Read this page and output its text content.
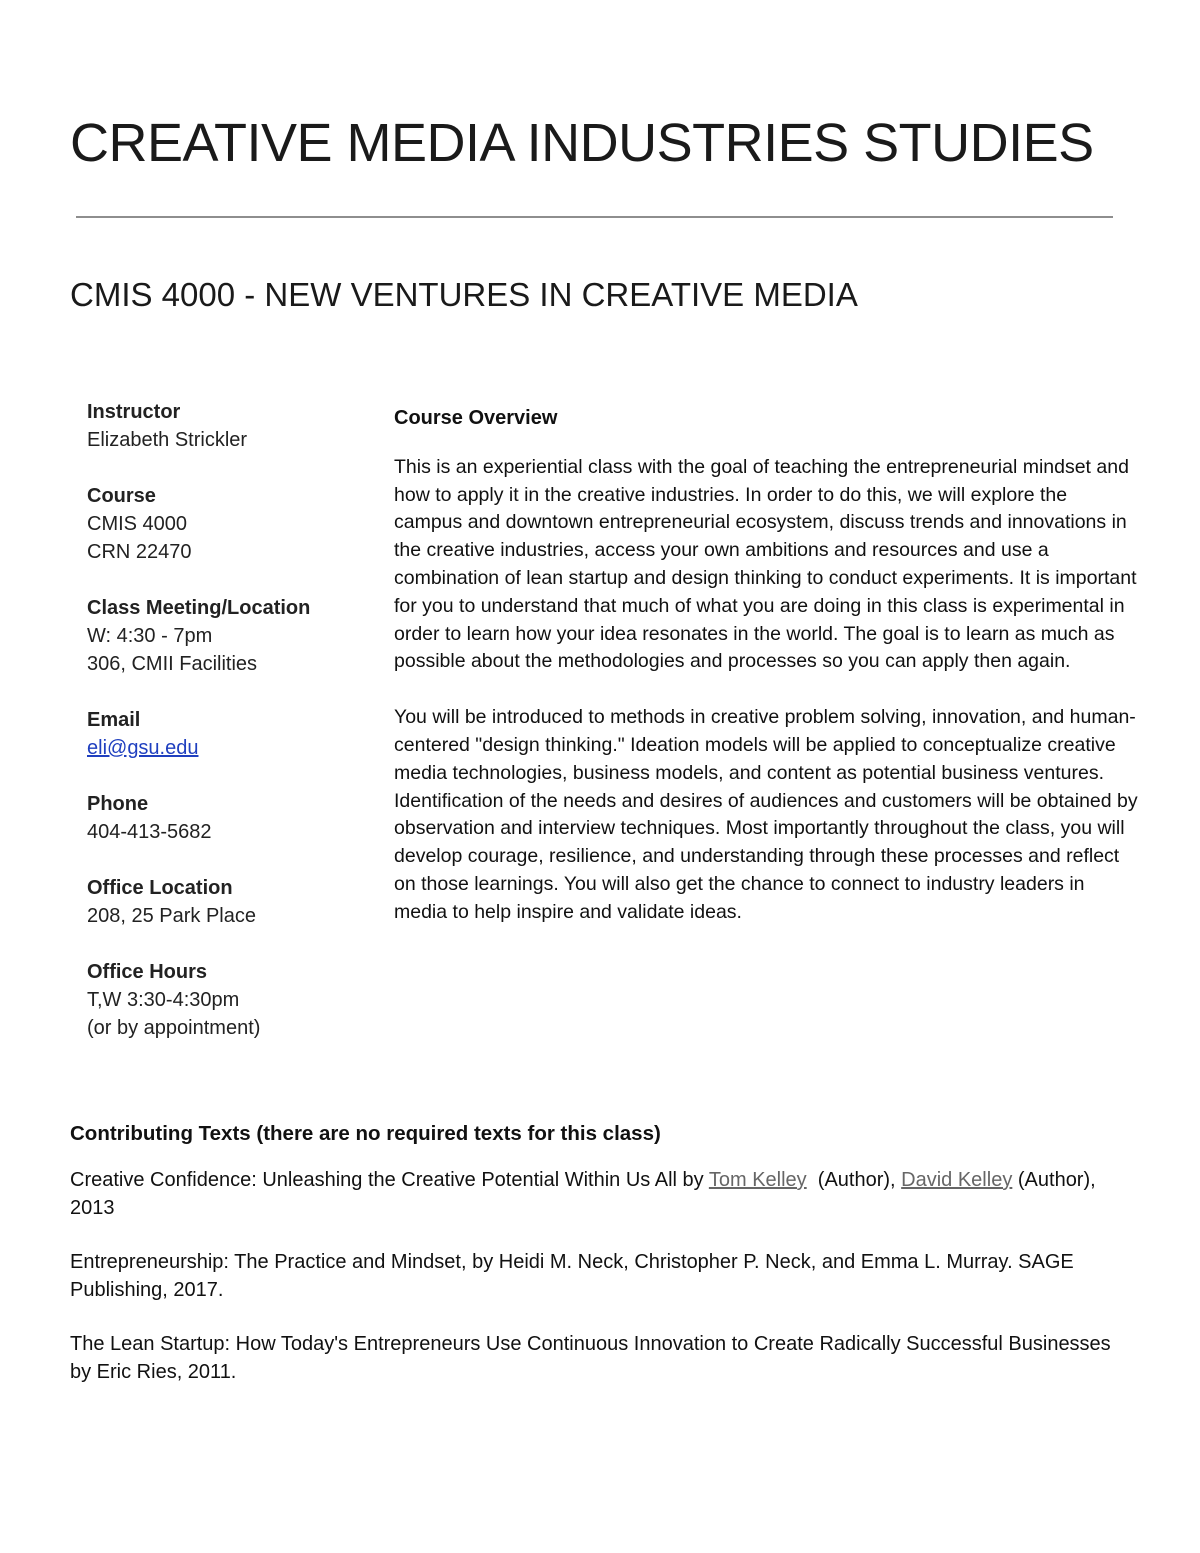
CREATIVE MEDIA INDUSTRIES STUDIES
CMIS 4000 - NEW VENTURES IN CREATIVE MEDIA
Instructor
Elizabeth Strickler
Course
CMIS 4000
CRN 22470
Class Meeting/Location
W: 4:30 - 7pm
306, CMII Facilities
Email
eli@gsu.edu
Phone
404-413-5682
Office Location
208, 25 Park Place
Office Hours
T,W 3:30-4:30pm
(or by appointment)
Course Overview

This is an experiential class with the goal of teaching the entrepreneurial mindset and how to apply it in the creative industries. In order to do this, we will explore the campus and downtown entrepreneurial ecosystem, discuss trends and innovations in the creative industries, access your own ambitions and resources and use a combination of lean startup and design thinking to conduct experiments. It is important for you to understand that much of what you are doing in this class is experimental in order to learn how your idea resonates in the world. The goal is to learn as much as possible about the methodologies and processes so you can apply then again.

You will be introduced to methods in creative problem solving, innovation, and human-centered "design thinking." Ideation models will be applied to conceptualize creative media technologies, business models, and content as potential business ventures. Identification of the needs and desires of audiences and customers will be obtained by observation and interview techniques. Most importantly throughout the class, you will develop courage, resilience, and understanding through these processes and reflect on those learnings. You will also get the chance to connect to industry leaders in media to help inspire and validate ideas.

Contributing Texts (there are no required texts for this class)

Creative Confidence: Unleashing the Creative Potential Within Us All by Tom Kelley  (Author), David Kelley (Author), 2013

Entrepreneurship: The Practice and Mindset, by Heidi M. Neck, Christopher P. Neck, and Emma L. Murray. SAGE Publishing, 2017.

The Lean Startup: How Today's Entrepreneurs Use Continuous Innovation to Create Radically Successful Businesses by Eric Ries, 2011.
